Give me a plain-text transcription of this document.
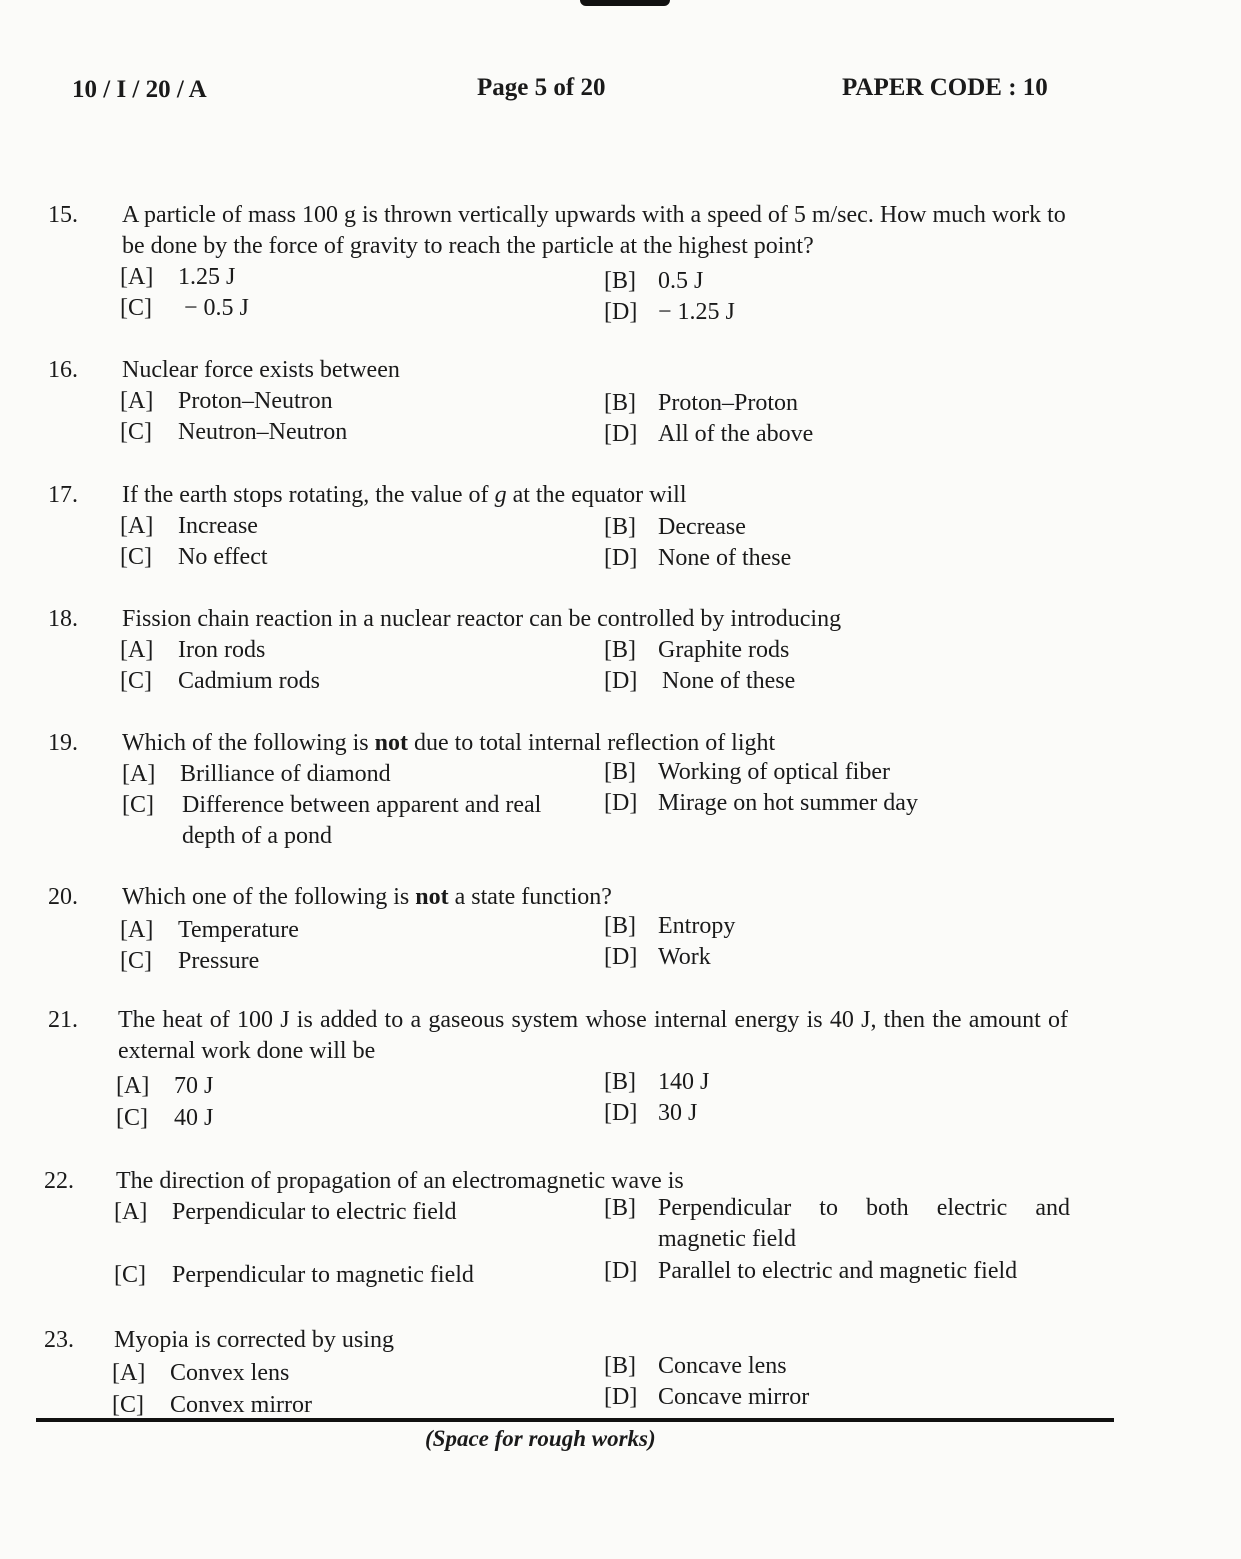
10 / I / 20 / A	Page 5 of 20	PAPER CODE : 10
15. A particle of mass 100 g is thrown vertically upwards with a speed of 5 m/sec. How much work to be done by the force of gravity to reach the particle at the highest point?
[A] 1.25 J	[B] 0.5 J
[C] − 0.5 J	[D] − 1.25 J
16. Nuclear force exists between
[A] Proton–Neutron	[B] Proton–Proton
[C] Neutron–Neutron	[D] All of the above
17. If the earth stops rotating, the value of g at the equator will
[A] Increase	[B] Decrease
[C] No effect	[D] None of these
18. Fission chain reaction in a nuclear reactor can be controlled by introducing
[A] Iron rods	[B] Graphite rods
[C] Cadmium rods	[D] None of these
19. Which of the following is not due to total internal reflection of light
[A] Brilliance of diamond	[B] Working of optical fiber
[C]	Difference between apparent and real depth of a pond
[D] Mirage on hot summer day
20. Which one of the following is not a state function?
[A] Temperature	[B] Entropy
[C] Pressure	[D] Work
21. The heat of 100 J is added to a gaseous system whose internal energy is 40 J, then the amount of external work done will be
[A] 70 J	[B] 140 J
[C] 40 J	[D] 30 J
22. The direction of propagation of an electromagnetic wave is
[A] Perpendicular to electric field	[B] Perpendicular to both electric and magnetic field
[C] Perpendicular to magnetic field	[D] Parallel to electric and magnetic field
23. Myopia is corrected by using
[A] Convex lens	[B] Concave lens
[C] Convex mirror	[D] Concave mirror
(Space for rough works)
